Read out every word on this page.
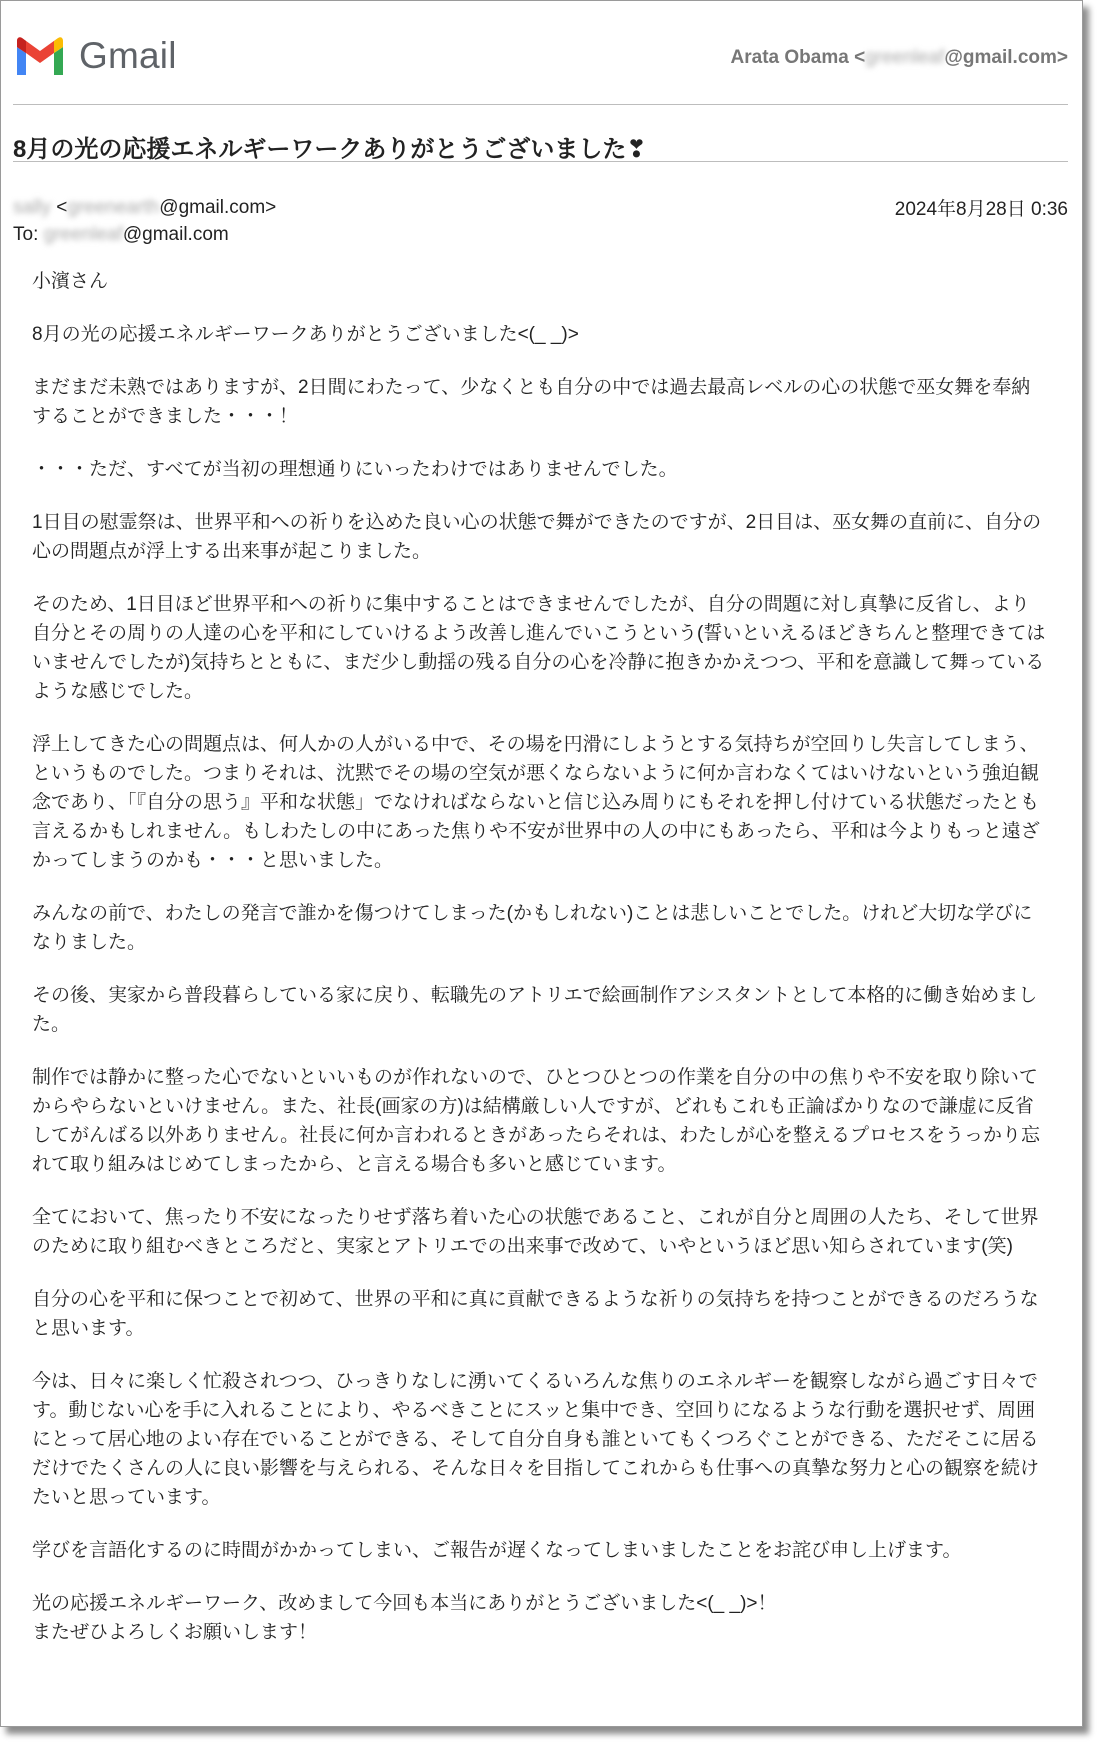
Gmail	Arata Obama <greenleaf@gmail.com>
8月の光の応援エネルギーワークありがとうございました❣
sally <greenearth@gmail.com>	2024年8月28日 0:36
To: greenleaf@gmail.com

小濱さん

8月の光の応援エネルギーワークありがとうございました<(_ _)>

まだまだ未熟ではありますが、2日間にわたって、少なくとも自分の中では過去最高レベルの心の状態で巫女舞を奉納することができました・・・！

・・・ただ、すべてが当初の理想通りにいったわけではありませんでした。

1日目の慰霊祭は、世界平和への祈りを込めた良い心の状態で舞ができたのですが、2日目は、巫女舞の直前に、自分の心の問題点が浮上する出来事が起こりました。

そのため、1日目ほど世界平和への祈りに集中することはできませんでしたが、自分の問題に対し真摯に反省し、より自分とその周りの人達の心を平和にしていけるよう改善し進んでいこうという(誓いといえるほどきちんと整理できてはいませんでしたが)気持ちとともに、まだ少し動揺の残る自分の心を冷静に抱きかかえつつ、平和を意識して舞っているような感じでした。

浮上してきた心の問題点は、何人かの人がいる中で、その場を円滑にしようとする気持ちが空回りし失言してしまう、というものでした。つまりそれは、沈黙でその場の空気が悪くならないように何か言わなくてはいけないという強迫観念であり、「『自分の思う』平和な状態」でなければならないと信じ込み周りにもそれを押し付けている状態だったとも言えるかもしれません。もしわたしの中にあった焦りや不安が世界中の人の中にもあったら、平和は今よりもっと遠ざかってしまうのかも・・・と思いました。

みんなの前で、わたしの発言で誰かを傷つけてしまった(かもしれない)ことは悲しいことでした。けれど大切な学びになりました。

その後、実家から普段暮らしている家に戻り、転職先のアトリエで絵画制作アシスタントとして本格的に働き始めました。

制作では静かに整った心でないといいものが作れないので、ひとつひとつの作業を自分の中の焦りや不安を取り除いてからやらないといけません。また、社長(画家の方)は結構厳しい人ですが、どれもこれも正論ばかりなので謙虚に反省してがんばる以外ありません。社長に何か言われるときがあったらそれは、わたしが心を整えるプロセスをうっかり忘れて取り組みはじめてしまったから、と言える場合も多いと感じています。

全てにおいて、焦ったり不安になったりせず落ち着いた心の状態であること、これが自分と周囲の人たち、そして世界のために取り組むべきところだと、実家とアトリエでの出来事で改めて、いやというほど思い知らされています(笑)

自分の心を平和に保つことで初めて、世界の平和に真に貢献できるような祈りの気持ちを持つことができるのだろうなと思います。

今は、日々に楽しく忙殺されつつ、ひっきりなしに湧いてくるいろんな焦りのエネルギーを観察しながら過ごす日々です。動じない心を手に入れることにより、やるべきことにスッと集中でき、空回りになるような行動を選択せず、周囲にとって居心地のよい存在でいることができる、そして自分自身も誰といてもくつろぐことができる、ただそこに居るだけでたくさんの人に良い影響を与えられる、そんな日々を目指してこれからも仕事への真摯な努力と心の観察を続けたいと思っています。

学びを言語化するのに時間がかかってしまい、ご報告が遅くなってしまいましたことをお詫び申し上げます。

光の応援エネルギーワーク、改めまして今回も本当にありがとうございました<(_ _)>！
またぜひよろしくお願いします！
